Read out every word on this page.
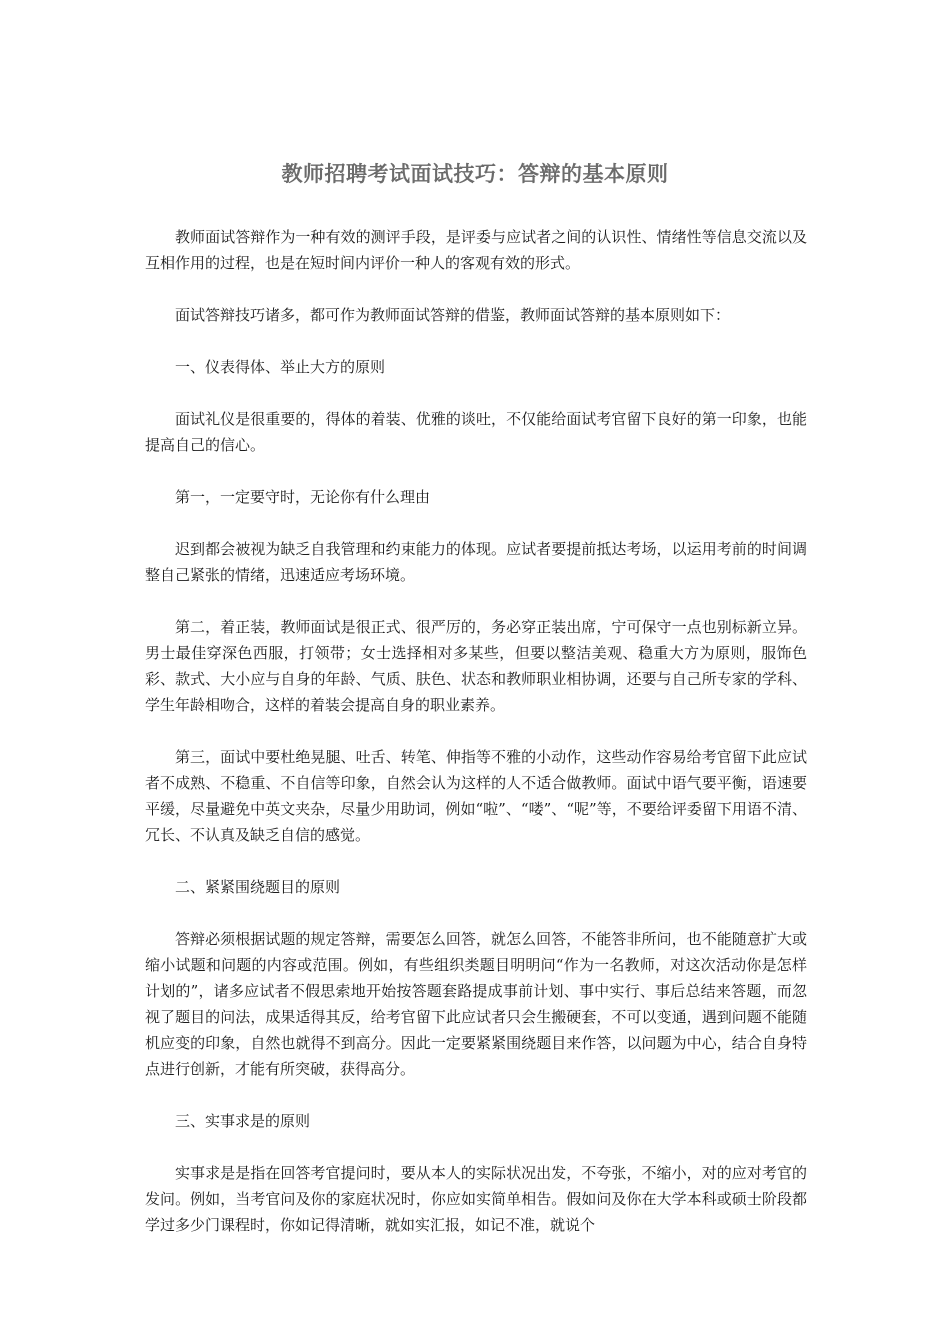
教师招聘考试面试技巧：答辩的基本原则

教师面试答辩作为一种有效的测评手段，是评委与应试者之间的认识性、情绪性等信息交流以及互相作用的过程，也是在短时间内评价一种人的客观有效的形式。

面试答辩技巧诸多，都可作为教师面试答辩的借鉴，教师面试答辩的基本原则如下：

一、仪表得体、举止大方的原则

面试礼仪是很重要的，得体的着装、优雅的谈吐，不仅能给面试考官留下良好的第一印象，也能提高自己的信心。

第一，一定要守时，无论你有什么理由

迟到都会被视为缺乏自我管理和约束能力的体现。应试者要提前抵达考场，以运用考前的时间调整自己紧张的情绪，迅速适应考场环境。

第二，着正装，教师面试是很正式、很严厉的，务必穿正装出席，宁可保守一点也别标新立异。男士最佳穿深色西服，打领带；女士选择相对多某些，但要以整洁美观、稳重大方为原则，服饰色彩、款式、大小应与自身的年龄、气质、肤色、状态和教师职业相协调，还要与自己所专家的学科、学生年龄相吻合，这样的着装会提高自身的职业素养。

第三，面试中要杜绝晃腿、吐舌、转笔、伸指等不雅的小动作，这些动作容易给考官留下此应试者不成熟、不稳重、不自信等印象，自然会认为这样的人不适合做教师。面试中语气要平衡，语速要平缓，尽量避免中英文夹杂，尽量少用助词，例如“啦”、“喽”、“呢”等，不要给评委留下用语不清、冗长、不认真及缺乏自信的感觉。

二、紧紧围绕题目的原则

答辩必须根据试题的规定答辩，需要怎么回答，就怎么回答，不能答非所问，也不能随意扩大或缩小试题和问题的内容或范围。例如，有些组织类题目明明问“作为一名教师，对这次活动你是怎样计划的”，诸多应试者不假思索地开始按答题套路提成事前计划、事中实行、事后总结来答题，而忽视了题目的问法，成果适得其反，给考官留下此应试者只会生搬硬套，不可以变通，遇到问题不能随机应变的印象，自然也就得不到高分。因此一定要紧紧围绕题目来作答，以问题为中心，结合自身特点进行创新，才能有所突破，获得高分。

三、实事求是的原则

实事求是是指在回答考官提问时，要从本人的实际状况出发，不夸张，不缩小，对的应对考官的发问。例如，当考官问及你的家庭状况时，你应如实简单相告。假如问及你在大学本科或硕士阶段都学过多少门课程时，你如记得清晰，就如实汇报，如记不准，就说个
